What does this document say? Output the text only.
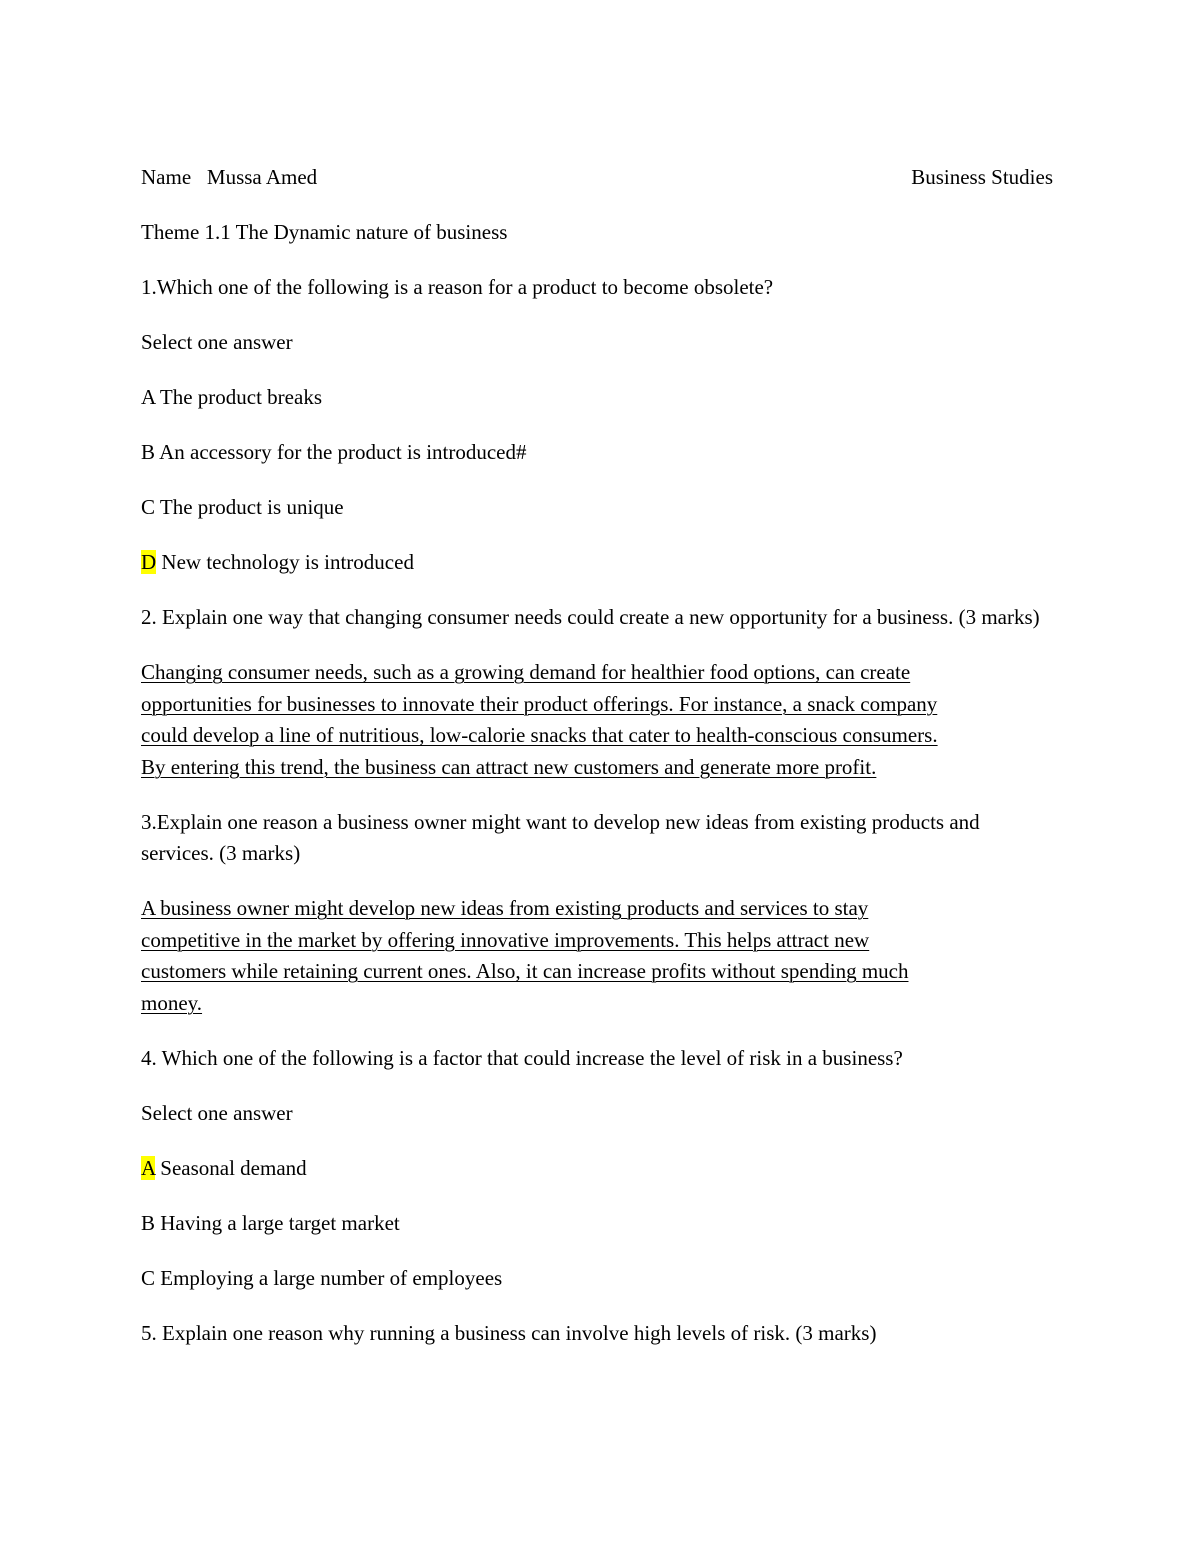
Name Mussa Amed	Business Studies

Theme 1.1 The Dynamic nature of business

1.Which one of the following is a reason for a product to become obsolete?

Select one answer

A The product breaks

B An accessory for the product is introduced#

C The product is unique

D New technology is introduced

2. Explain one way that changing consumer needs could create a new opportunity for a business. (3 marks)

Changing consumer needs, such as a growing demand for healthier food options, can create
opportunities for businesses to innovate their product offerings. For instance, a snack company
could develop a line of nutritious, low-calorie snacks that cater to health-conscious consumers.
By entering this trend, the business can attract new customers and generate more profit.

3.Explain one reason a business owner might want to develop new ideas from existing products and services. (3 marks)

A business owner might develop new ideas from existing products and services to stay
competitive in the market by offering innovative improvements. This helps attract new
customers while retaining current ones. Also, it can increase profits without spending much
money.

4. Which one of the following is a factor that could increase the level of risk in a business?

Select one answer

A Seasonal demand

B Having a large target market

C Employing a large number of employees

5. Explain one reason why running a business can involve high levels of risk. (3 marks)
